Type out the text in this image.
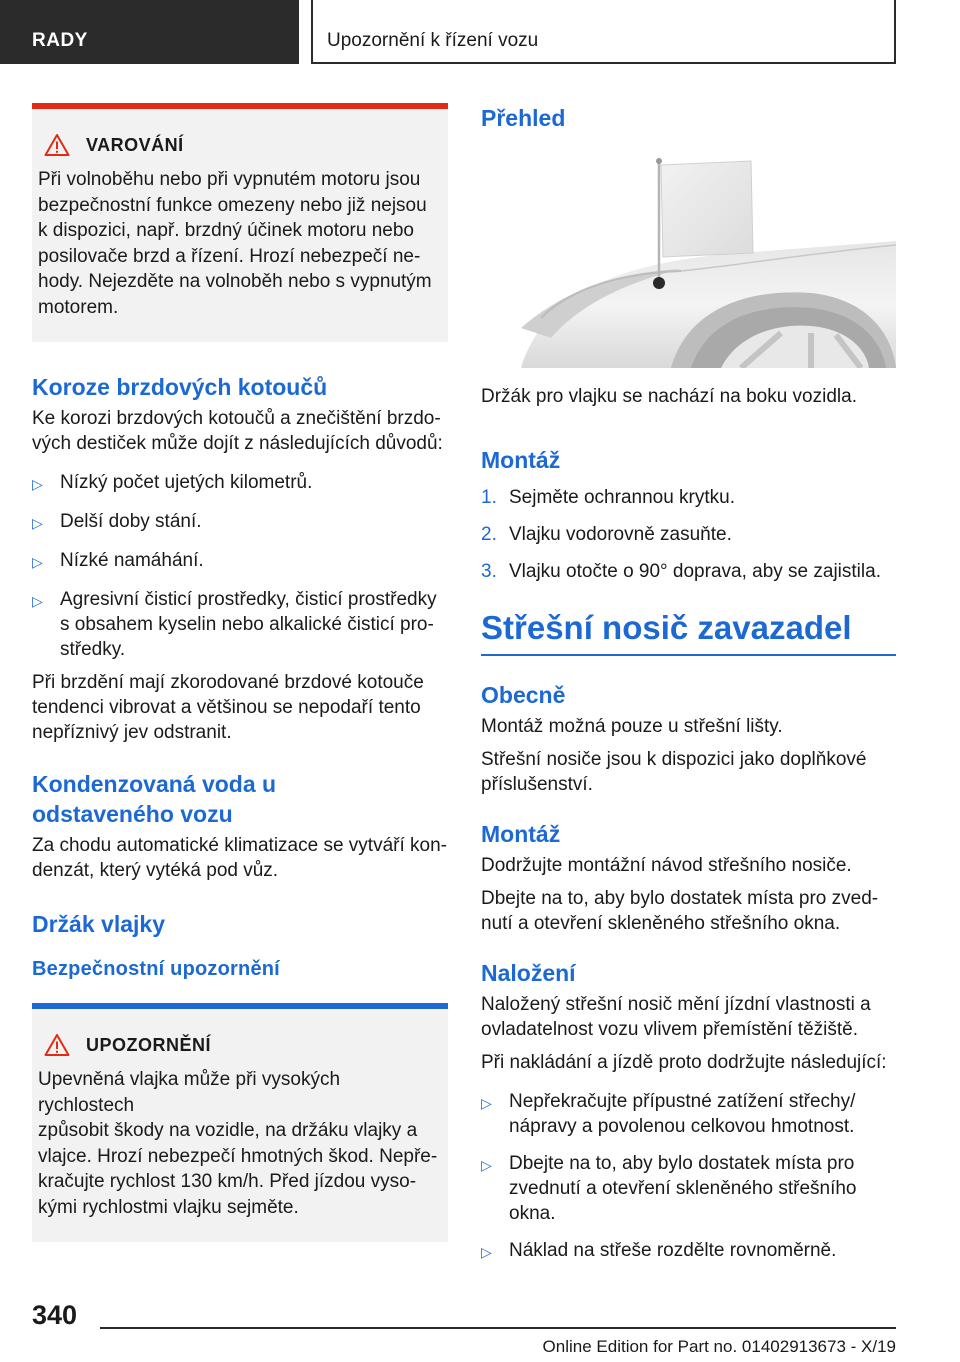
RADY	Upozornění k řízení vozu
VAROVÁNÍ

Při volnoběhu nebo při vypnutém motoru jsou
bezpečnostní funkce omezeny nebo již nejsou
k dispozici, např. brzdný účinek motoru nebo
posilovače brzd a řízení. Hrozí nebezpečí ne-
hody. Nejezděte na volnoběh nebo s vypnutým
motorem.

Koroze brzdových kotoučů

Ke korozi brzdových kotoučů a znečištění brzdo-
vých destiček může dojít z následujících důvodů:

▷ Nízký počet ujetých kilometrů.
▷ Delší doby stání.
▷ Nízké namáhání.
▷ Agresivní čisticí prostředky, čisticí prostředky
s obsahem kyselin nebo alkalické čisticí pro-
středky.

Při brzdění mají zkorodované brzdové kotouče
tendenci vibrovat a většinou se nepodaří tento
nepříznivý jev odstranit.

Kondenzovaná voda u
odstaveného vozu

Za chodu automatické klimatizace se vytváří kon-
denzát, který vytéká pod vůz.

Držák vlajky
Bezpečnostní upozornění
UPOZORNĚNÍ

Upevněná vlajka může při vysokých rychlostech
způsobit škody na vozidle, na držáku vlajky a
vlajce. Hrozí nebezpečí hmotných škod. Nepře-
kračujte rychlost 130 km/h. Před jízdou vyso-
kými rychlostmi vlajku sejměte.

Přehled

Držák pro vlajku se nachází na boku vozidla.

Montáž
1. Sejměte ochrannou krytku.
2. Vlajku vodorovně zasuňte.
3. Vlajku otočte o 90° doprava, aby se zajistila.
Střešní nosič zavazadel
Obecně

Montáž možná pouze u střešní lišty.

Střešní nosiče jsou k dispozici jako doplňkové
příslušenství.

Montáž

Dodržujte montážní návod střešního nosiče.

Dbejte na to, aby bylo dostatek místa pro zved-
nutí a otevření skleněného střešního okna.

Naložení

Naložený střešní nosič mění jízdní vlastnosti a
ovladatelnost vozu vlivem přemístění těžiště.

Při nakládání a jízdě proto dodržujte následující:

▷ Nepřekračujte přípustné zatížení střechy/
nápravy a povolenou celkovou hmotnost.
▷ Dbejte na to, aby bylo dostatek místa pro
zvednutí a otevření skleněného střešního
okna.
▷ Náklad na střeše rozdělte rovnoměrně.
340
Online Edition for Part no. 01402913673 - X/19
